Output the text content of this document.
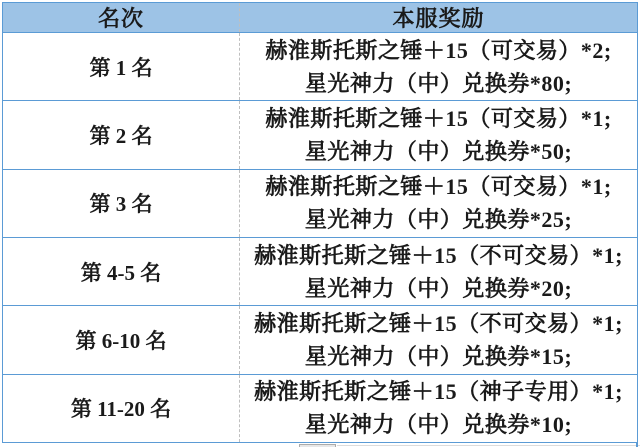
名次	本服奖励
第 1 名
赫淮斯托斯之锤＋15（可交易）*2;
星光神力（中）兑换券*80;
第 2 名
赫淮斯托斯之锤＋15（可交易）*1;
星光神力（中）兑换券*50;
第 3 名
赫淮斯托斯之锤＋15（可交易）*1;
星光神力（中）兑换券*25;
第 4-5 名
赫淮斯托斯之锤＋15（不可交易）*1;
星光神力（中）兑换券*20;
第 6-10 名
赫淮斯托斯之锤＋15（不可交易）*1;
星光神力（中）兑换券*15;
第 11-20 名
赫淮斯托斯之锤＋15（神子专用）*1;
星光神力（中）兑换券*10;
